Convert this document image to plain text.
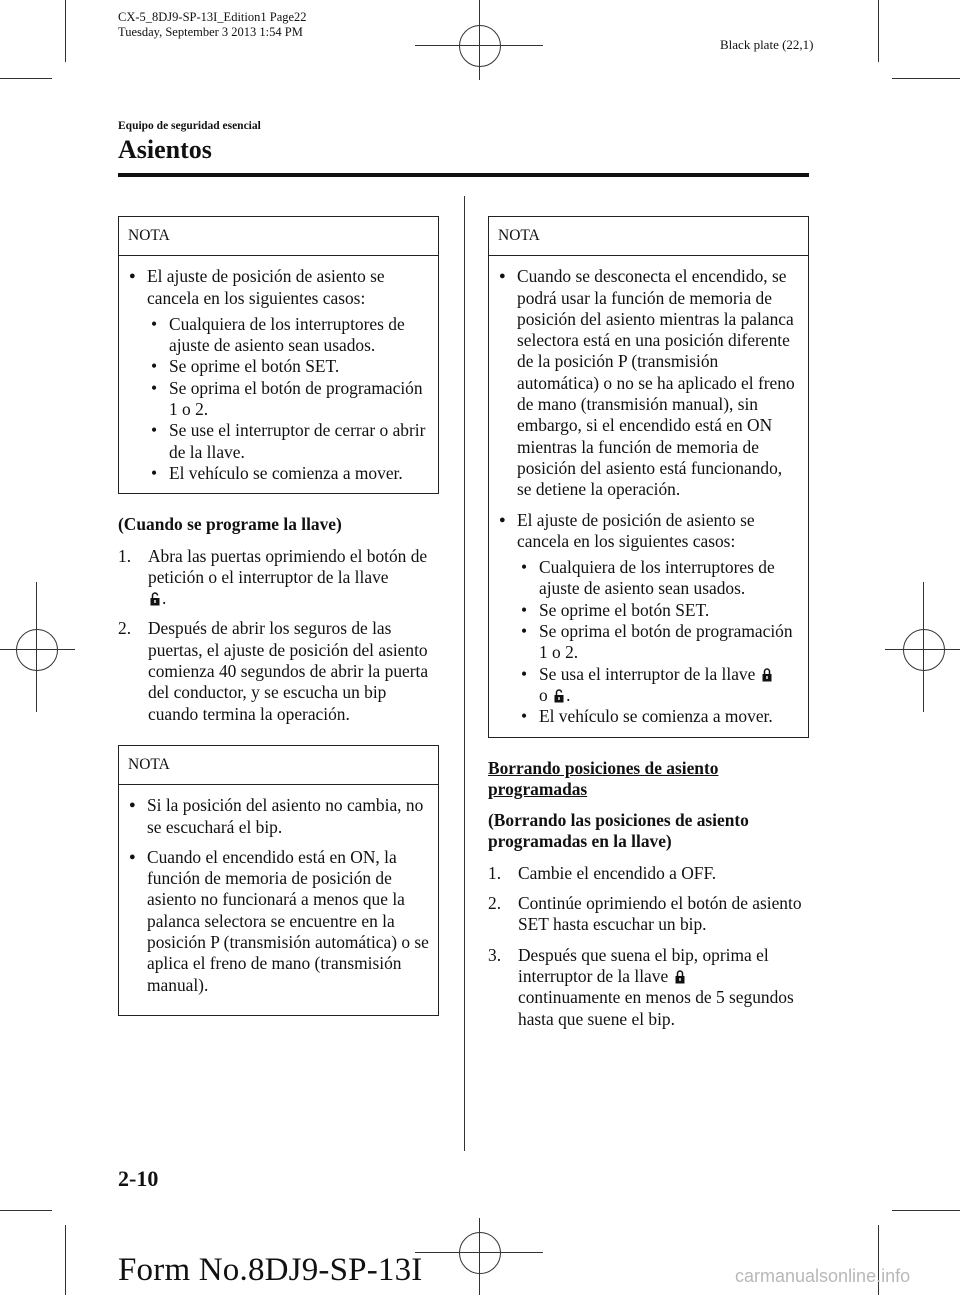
CX-5_8DJ9-SP-13I_Edition1 Page22
Tuesday, September 3 2013 1:54 PM
Black plate (22,1)
Equipo de seguridad esencial
Asientos
NOTA
● El ajuste de posición de asiento se cancela en los siguientes casos:
• Cualquiera de los interruptores de ajuste de asiento sean usados.
• Se oprime el botón SET.
• Se oprima el botón de programación 1 o 2.
• Se use el interruptor de cerrar o abrir de la llave.
• El vehículo se comienza a mover.
(Cuando se programe la llave)
1. Abra las puertas oprimiendo el botón de petición o el interruptor de la llave
.
2. Después de abrir los seguros de las puertas, el ajuste de posición del asiento comienza 40 segundos de abrir la puerta del conductor, y se escucha un bip cuando termina la operación.
NOTA
● Si la posición del asiento no cambia, no se escuchará el bip.
● Cuando el encendido está en ON, la función de memoria de posición de asiento no funcionará a menos que la palanca selectora se encuentre en la posición P (transmisión automática) o se aplica el freno de mano (transmisión manual).
NOTA
● Cuando se desconecta el encendido, se podrá usar la función de memoria de posición del asiento mientras la palanca selectora está en una posición diferente de la posición P (transmisión automática) o no se ha aplicado el freno de mano (transmisión manual), sin embargo, si el encendido está en ON mientras la función de memoria de posición del asiento está funcionando, se detiene la operación.
● El ajuste de posición de asiento se cancela en los siguientes casos:
• Cualquiera de los interruptores de ajuste de asiento sean usados.
• Se oprime el botón SET.
• Se oprima el botón de programación 1 o 2.
• Se usa el interruptor de la llave
o .
• El vehículo se comienza a mover.
Borrando posiciones de asiento programadas
(Borrando las posiciones de asiento programadas en la llave)
1. Cambie el encendido a OFF.
2. Continúe oprimiendo el botón de asiento SET hasta escuchar un bip.
3. Después que suena el bip, oprima el interruptor de la llave
continuamente en menos de 5 segundos hasta que suene el bip.
2-10
Form No.8DJ9-SP-13I	carmanualsonline.info
